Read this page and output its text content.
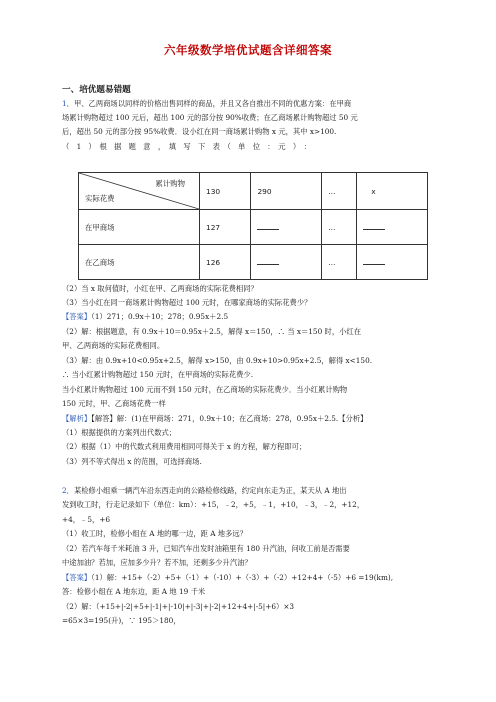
六年级数学培优试题含详细答案
一、培优题易错题
1．甲、乙两商场以同样的价格出售同样的商品，并且又各自推出不同的优惠方案：在甲商
场累计购物超过 100 元后，超出 100 元的部分按 90%收费；在乙商场累计购物超过 50 元
后，超出 50 元的部分按 95%收费．设小红在同一商场累计购物 x 元，其中 x>100.
（　1　）　根　据　题　意　，　填　写　下　表　（　单　位　：　元　）　：
累计购物
实际花费	130	290	…	x
在甲商场	127		…	
在乙商场	126		…	
（2）当 x 取何值时，小红在甲、乙两商场的实际花费相同？
（3）当小红在同一商场累计购物超过 100 元时，在哪家商场的实际花费少？
【答案】（1）271；0.9x＋10；278；0.95x＋2.5
（2）解：根据题意，有 0.9x＋10＝0.95x＋2.5，解得 x＝150，∴ 当 x＝150 时，小红在
甲、乙两商场的实际花费相同。
（3）解：由 0.9x+10<0.95x+2.5，解得 x>150，由 0.9x+10>0.95x+2.5，解得 x<150.
∴ 当小红累计购物超过 150 元时，在甲商场的实际花费少.
当小红累计购物超过 100 元而不到 150 元时，在乙商场的实际花费少．当小红累计购物
150 元时，甲、乙商场花费一样
【解析】【解答】解：(1)在甲商场：271，0.9x＋10；在乙商场：278，0.95x＋2.5.【分析】
（1）根据提供的方案列出代数式；
（2）根据（1）中的代数式利用费用相同可得关于 x 的方程，解方程即可；
（3）列不等式得出 x 的范围，可选择商场.
2．某检修小组乘一辆汽车沿东西走向的公路检修线路，约定向东走为正，某天从 A 地出
发到收工时，行走记录如下（单位：km）：+15，﹣2，+5，﹣1，+10，﹣3，﹣2，+12，
+4，﹣5，+6
（1）收工时，检修小组在 A 地的哪一边，距 A 地多远？
（2）若汽车每千米耗油 3 升，已知汽车出发时油箱里有 180 升汽油，问收工前是否需要
中途加油？若加，应加多少升？若不加，还剩多少升汽油？
【答案】（1）解：+15+（-2）+5+（-1）+（-10）+（-3）+（-2）+12+4+（-5）+6 =19(km),
答：检修小组在 A 地东边，距 A 地 19 千米
（2）解：（+15+|-2|+5+|-1|+|-10|+|-3|+|-2|+12+4+|-5|+6）×3
=65×3=195(升)，∵ 195＞180，
